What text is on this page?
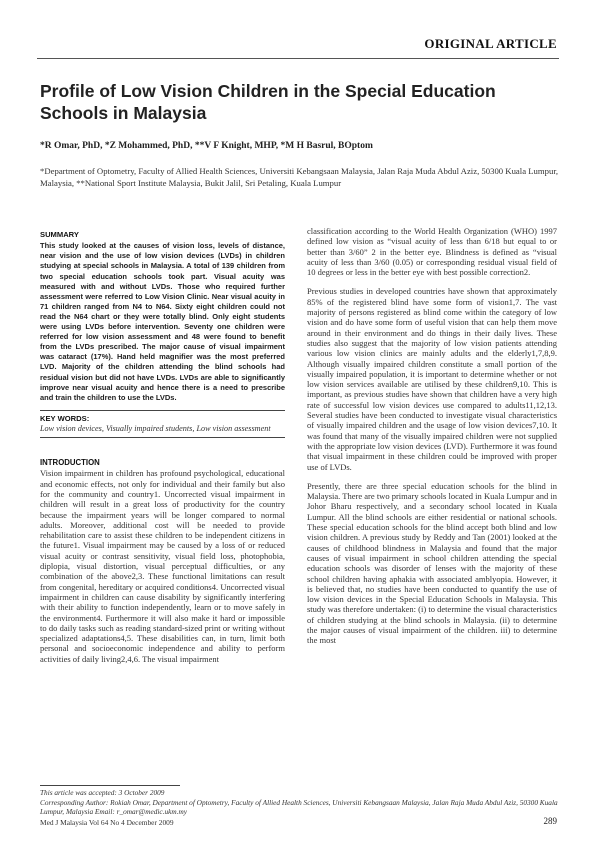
ORIGINAL ARTICLE
Profile of Low Vision Children in the Special Education Schools in Malaysia
*R Omar, PhD, *Z Mohammed, PhD, **V F Knight, MHP, *M H Basrul, BOptom
*Department of Optometry, Faculty of Allied Health Sciences, Universiti Kebangsaan Malaysia, Jalan Raja Muda Abdul Aziz, 50300 Kuala Lumpur, Malaysia, **National Sport Institute Malaysia, Bukit Jalil, Sri Petaling, Kuala Lumpur
SUMMARY
This study looked at the causes of vision loss, levels of distance, near vision and the use of low vision devices (LVDs) in children studying at special schools in Malaysia. A total of 139 children from two special education schools took part. Visual acuity was measured with and without LVDs. Those who required further assessment were referred to Low Vision Clinic. Near visual acuity in 71 children ranged from N4 to N64. Sixty eight children could not read the N64 chart or they were totally blind. Only eight students were using LVDs before intervention. Seventy one children were referred for low vision assessment and 48 were found to benefit from the LVDs prescribed. The major cause of visual impairment was cataract (17%). Hand held magnifier was the most preferred LVD. Majority of the children attending the blind schools had residual vision but did not have LVDs. LVDs are able to significantly improve near visual acuity and hence there is a need to prescribe and train the children to use the LVDs.
KEY WORDS:
Low vision devices, Visually impaired students, Low vision assessment
INTRODUCTION

Vision impairment in children has profound psychological, educational and economic effects, not only for individual and their family but also for the community and country1. Uncorrected visual impairment in children will result in a great loss of productivity for the country because the impairment years will be longer compared to normal adults. Moreover, additional cost will be needed to provide rehabilitation care to assist these children to be independent citizens in the future1. Visual impairment may be caused by a loss of or reduced visual acuity or contrast sensitivity, visual field loss, photophobia, diplopia, visual distortion, visual perceptual difficulties, or any combination of the above2,3. These functional limitations can result from congenital, hereditary or acquired conditions4. Uncorrected visual impairment in children can cause disability by significantly interfering with their ability to function independently, learn or to move safely in the environment4. Furthermore it will also make it hard or impossible to do daily tasks such as reading standard-sized print or writing without specialized adaptations4,5. These disabilities can, in turn, limit both personal and socioeconomic independence and ability to perform activities of daily living2,4,6. The visual impairment

classification according to the World Health Organization (WHO) 1997 defined low vision as “visual acuity of less than 6/18 but equal to or better than 3/60” 2 in the better eye. Blindness is defined as “visual acuity of less than 3/60 (0.05) or corresponding residual visual field of 10 degrees or less in the better eye with best possible correction2.

Previous studies in developed countries have shown that approximately 85% of the registered blind have some form of vision1,7. The vast majority of persons registered as blind come within the category of low vision and do have some form of useful vision that can help them move around in their environment and do things in their daily lives. These studies also suggest that the majority of low vision patients attending various low vision clinics are mainly adults and the elderly1,7,8,9. Although visually impaired children constitute a small portion of the visually impaired population, it is important to determine whether or not low vision services available are utilised by these children9,10. This is important, as previous studies have shown that children have a very high rate of successful low vision devices use compared to adults11,12,13. Several studies have been conducted to investigate visual characteristics of visually impaired children and the usage of low vision devices7,10. It was found that many of the visually impaired children were not supplied with the appropriate low vision devices (LVD). Furthermore it was found that visual impairment in these children could be improved with proper use of LVDs.

Presently, there are three special education schools for the blind in Malaysia. There are two primary schools located in Kuala Lumpur and in Johor Bharu respectively, and a secondary school located in Kuala Lumpur. All the blind schools are either residential or national schools. These special education schools for the blind accept both blind and low vision children. A previous study by Reddy and Tan (2001) looked at the causes of childhood blindness in Malaysia and found that the major causes of visual impairment in school children attending the special education schools was disorder of lenses with the majority of these school children having aphakia with associated amblyopia. However, it is believed that, no studies have been conducted to quantify the use of low vision devices in the Special Education Schools in Malaysia. This study was therefore undertaken: (i) to determine the visual characteristics of children studying at the blind schools in Malaysia. (ii) to determine the major causes of visual impairment of the children. iii) to determine the most

This article was accepted: 3 October 2009
Corresponding Author: Rokiah Omar, Department of Optometry, Faculty of Allied Health Sciences, Universiti Kebangsaan Malaysia, Jalan Raja Muda Abdul Aziz, 50300 Kuala Lumpur, Malaysia Email: r_omar@medic.ukm.my
Med J Malaysia Vol 64 No 4 December 2009	289
